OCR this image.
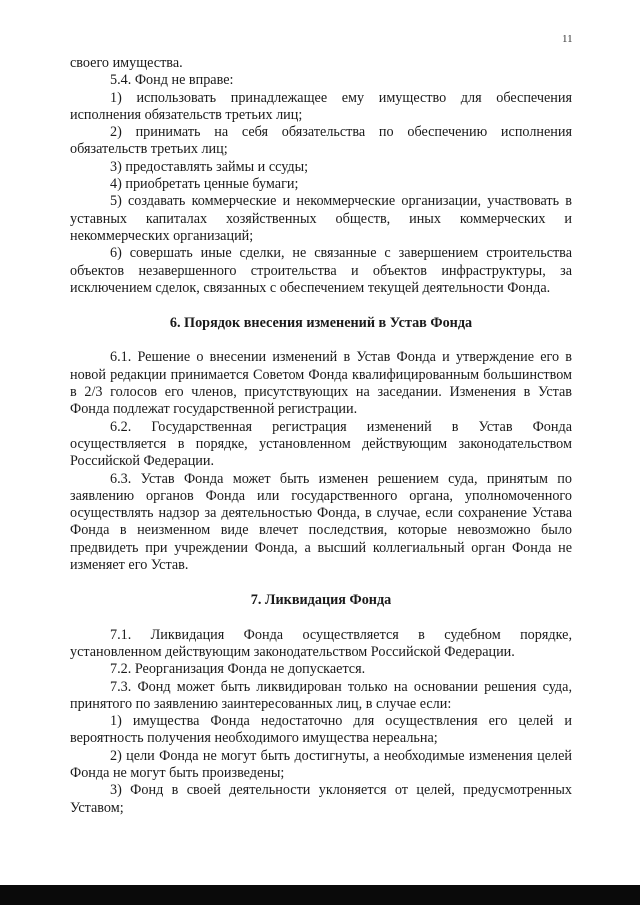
11

своего имущества.

5.4. Фонд не вправе:

1) использовать принадлежащее ему имущество для обеспечения исполнения обязательств третьих лиц;

2) принимать на себя обязательства по обеспечению исполнения обязательств третьих лиц;

3) предоставлять займы и ссуды;

4) приобретать ценные бумаги;

5) создавать коммерческие и некоммерческие организации, участвовать в уставных капиталах хозяйственных обществ, иных коммерческих и некоммерческих организаций;

6) совершать иные сделки, не связанные с завершением строительства объектов незавершенного строительства и объектов инфраструктуры, за исключением сделок, связанных с обеспечением текущей деятельности Фонда.

6. Порядок внесения изменений в Устав Фонда

6.1. Решение о внесении изменений в Устав Фонда и утверждение его в новой редакции принимается Советом Фонда квалифицированным большинством в 2/3 голосов его членов, присутствующих на заседании. Изменения в Устав Фонда подлежат государственной регистрации.

6.2. Государственная регистрация изменений в Устав Фонда осуществляется в порядке, установленном действующим законодательством Российской Федерации.

6.3. Устав Фонда может быть изменен решением суда, принятым по заявлению органов Фонда или государственного органа, уполномоченного осуществлять надзор за деятельностью Фонда, в случае, если сохранение Устава Фонда в неизменном виде влечет последствия, которые невозможно было предвидеть при учреждении Фонда, а высший коллегиальный орган Фонда не изменяет его Устав.

7. Ликвидация Фонда

7.1. Ликвидация Фонда осуществляется в судебном порядке, установленном действующим законодательством Российской Федерации.

7.2. Реорганизация Фонда не допускается.

7.3. Фонд может быть ликвидирован только на основании решения суда, принятого по заявлению заинтересованных лиц, в случае если:

1) имущества Фонда недостаточно для осуществления его целей и вероятность получения необходимого имущества нереальна;

2) цели Фонда не могут быть достигнуты, а необходимые изменения целей Фонда не могут быть произведены;

3) Фонд в своей деятельности уклоняется от целей, предусмотренных Уставом;
